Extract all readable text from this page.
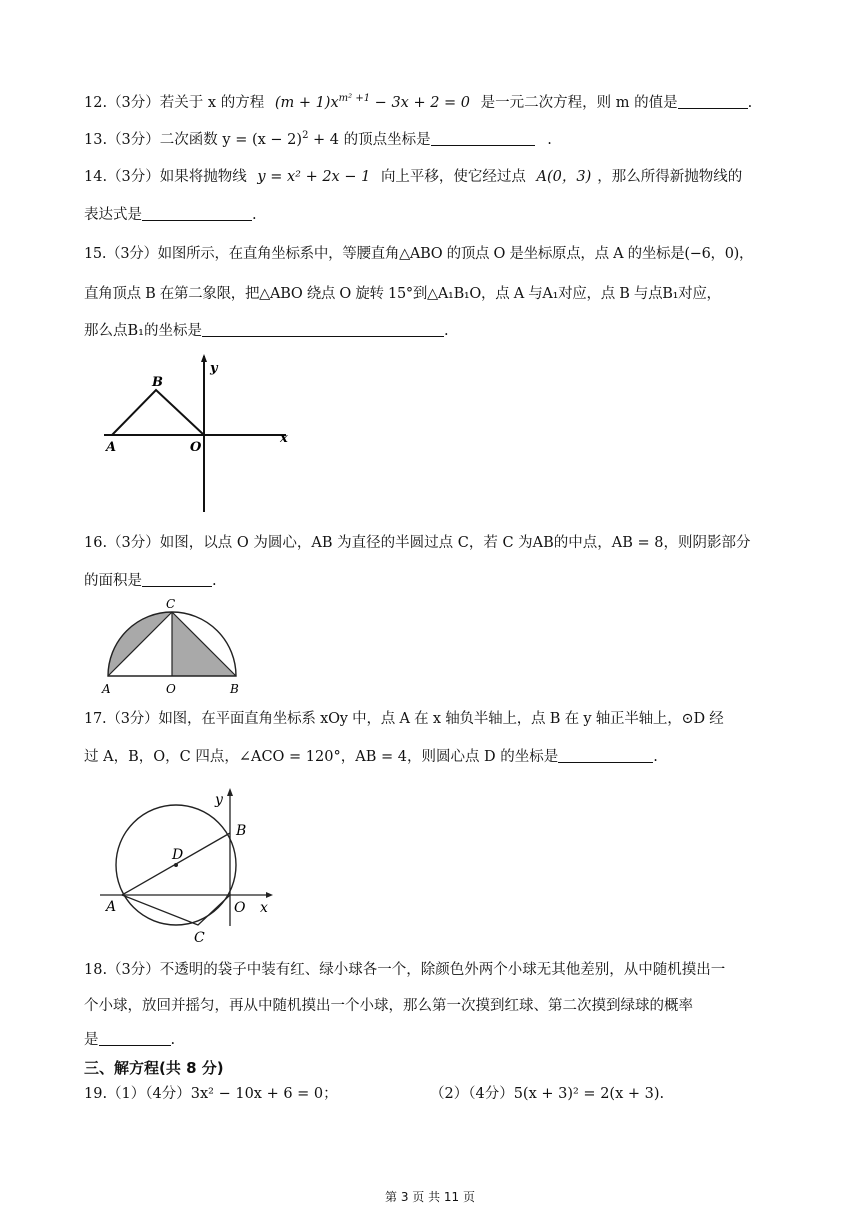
12.（3分）若关于 x 的方程 $(m + 1)x^{m^2 +1} - 3x + 2 = 0$ 是一元二次方程，则 m 的值是	.
13.（3分）二次函数 $y = (x - 2)^2 + 4$ 的顶点坐标是	.
14.（3分）如果将抛物线 y = x² + 2x − 1 向上平移，使它经过点 A(0，3) ，那么所得新抛物线的
表达式是	.
15.（3分）如图所示，在直角坐标系中，等腰直角△ABO 的顶点 O 是坐标原点，点 A 的坐标是(−6，0)，
直角顶点 B 在第二象限，把△ABO 绕点 O 旋转 15°到△A₁B₁O，点 A 与A₁对应，点 B 与点B₁对应，
那么点B₁的坐标是	.
y
B
A	O
x
16.（3分）如图，以点 O 为圆心，AB 为直径的半圆过点 C，若 C 为AB的中点，AB = 8，则阴影部分
的面积是	.
C
A	O	B
17.（3分）如图，在平面直角坐标系 xOy 中，点 A 在 x 轴负半轴上，点 B 在 y 轴正半轴上，⊙D 经
过 A，B，O，C 四点，∠ACO = 120°，AB = 4，则圆心点 D 的坐标是	.
y
B
D
A	O x
C
18.（3分）不透明的袋子中装有红、绿小球各一个，除颜色外两个小球无其他差别，从中随机摸出一
个小球，放回并摇匀，再从中随机摸出一个小球，那么第一次摸到红球、第二次摸到绿球的概率
是	.
三、解方程(共 8 分)
19.（1）（4分）3x² − 10x + 6 = 0；	（2）（4分）5(x + 3)² = 2(x + 3).
第 3 页 共 11 页
